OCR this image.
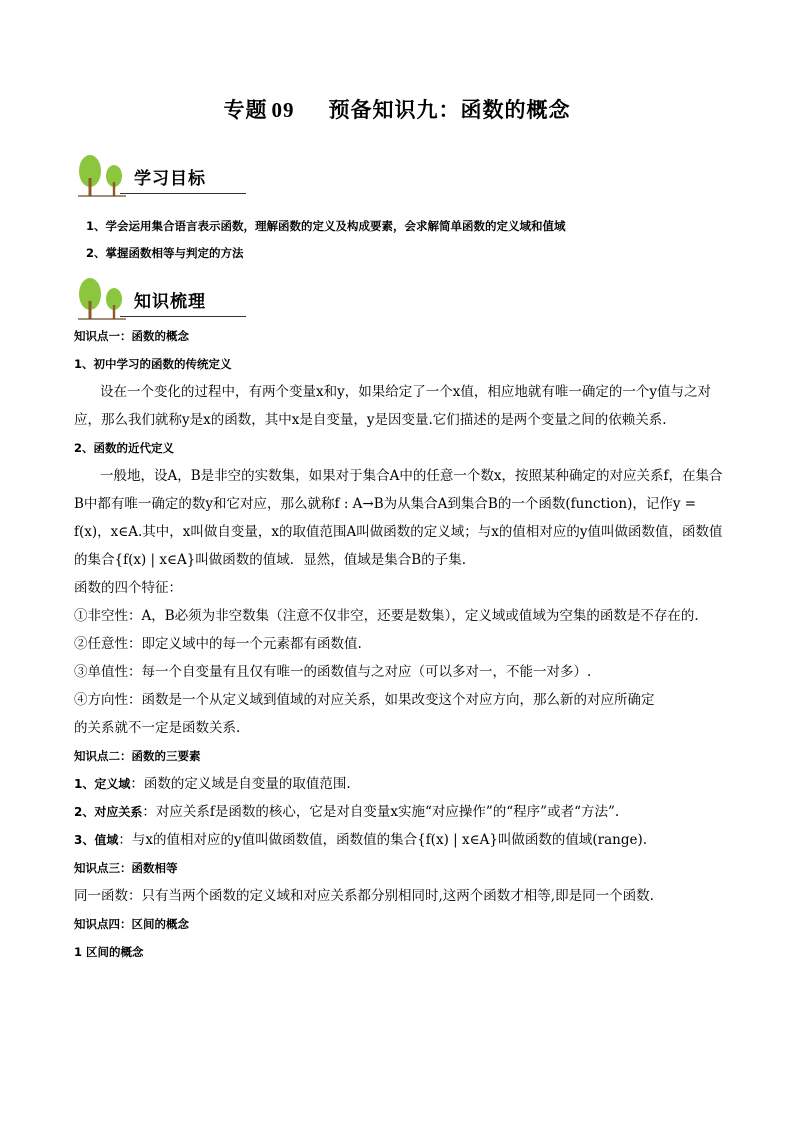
专题 09 预备知识九：函数的概念
学习目标
1、学会运用集合语言表示函数，理解函数的定义及构成要素，会求解简单函数的定义域和值域
2、掌握函数相等与判定的方法
知识梳理

知识点一：函数的概念

1、初中学习的函数的传统定义

设在一个变化的过程中，有两个变量x和y，如果给定了一个x值，相应地就有唯一确定的一个y值与之对应，那么我们就称y是x的函数，其中x是自变量，y是因变量.它们描述的是两个变量之间的依赖关系.

2、函数的近代定义

一般地，设A，B是非空的实数集，如果对于集合A中的任意一个数x，按照某种确定的对应关系f，在集合B中都有唯一确定的数y和它对应，那么就称f : A→B为从集合A到集合B的一个函数(function)，记作y = f(x)，x∈A.其中，x叫做自变量，x的取值范围A叫做函数的定义域；与x的值相对应的y值叫做函数值，函数值的集合{f(x) | x∈A}叫做函数的值域．显然，值域是集合B的子集.

函数的四个特征：

①非空性：A，B必须为非空数集（注意不仅非空，还要是数集），定义域或值域为空集的函数是不存在的.

②任意性：即定义域中的每一个元素都有函数值.

③单值性：每一个自变量有且仅有唯一的函数值与之对应（可以多对一，不能一对多）.

④方向性：函数是一个从定义域到值域的对应关系，如果改变这个对应方向，那么新的对应所确定

的关系就不一定是函数关系.

知识点二：函数的三要素

1、定义域：函数的定义域是自变量的取值范围.

2、对应关系：对应关系f是函数的核心，它是对自变量x实施“对应操作”的“程序”或者“方法”.

3、值域：与x的值相对应的y值叫做函数值，函数值的集合{f(x) | x∈A}叫做函数的值域(range).

知识点三：函数相等

同一函数：只有当两个函数的定义域和对应关系都分别相同时,这两个函数才相等,即是同一个函数.

知识点四：区间的概念

1 区间的概念
